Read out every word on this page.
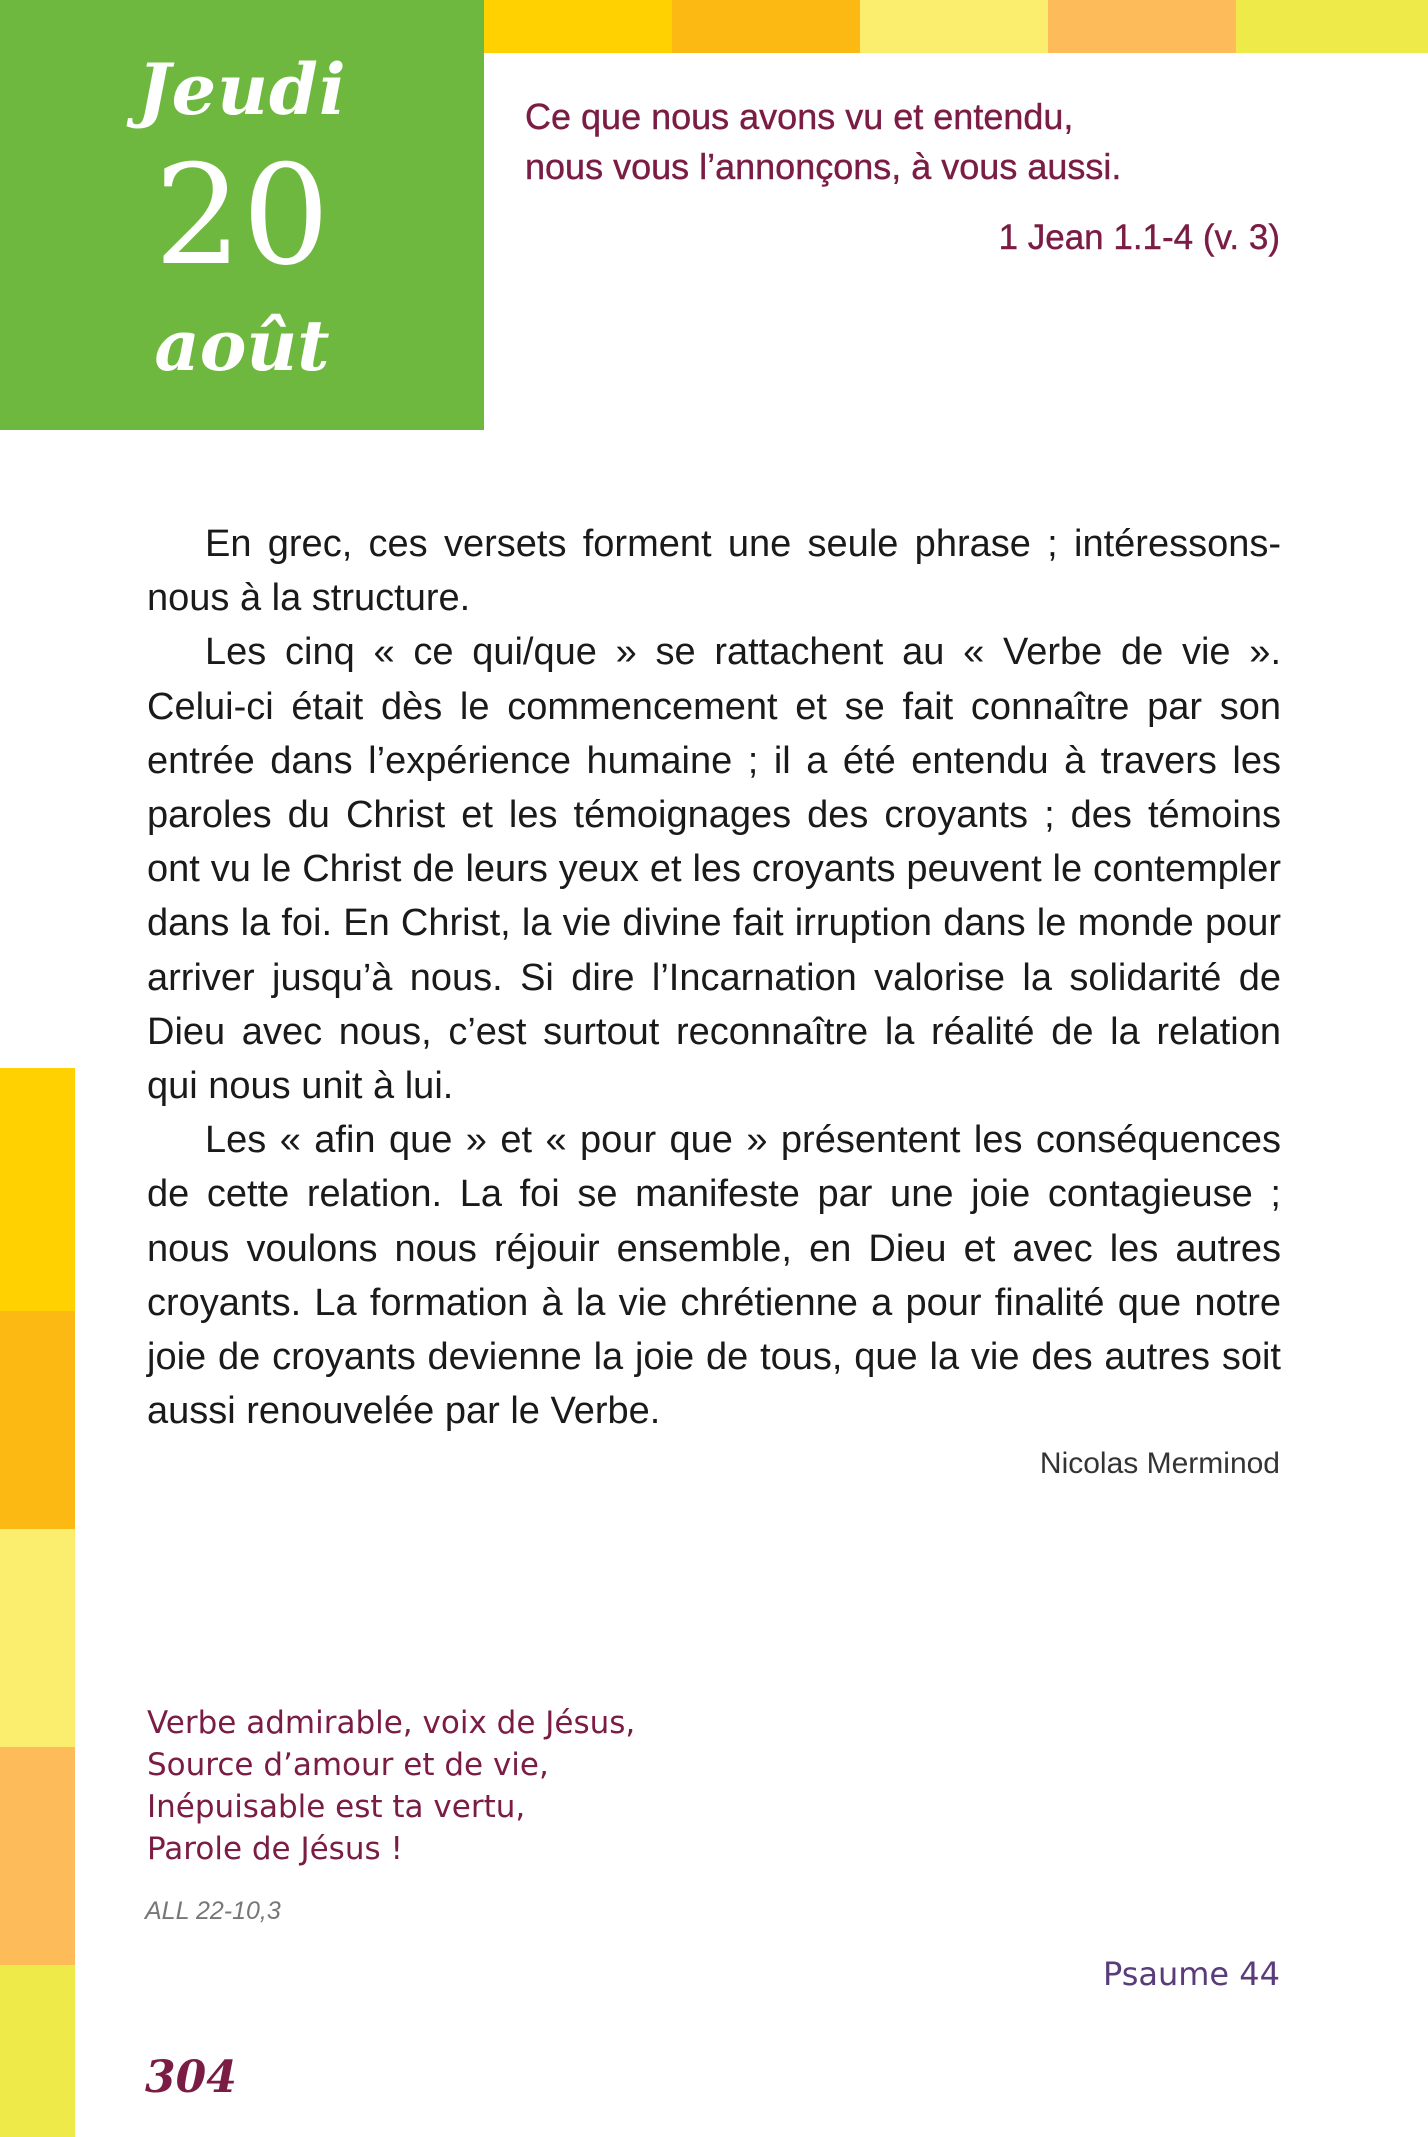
Jeudi
20
août
Ce que nous avons vu et entendu,
nous vous l’annonçons, à vous aussi.
1 Jean 1.1-4 (v. 3)

En grec, ces versets forment une seule phrase ; intéressons-nous à la structure.

Les cinq « ce qui/que » se rattachent au « Verbe de vie ». Celui-ci était dès le commencement et se fait connaître par son entrée dans l’expérience humaine ; il a été entendu à travers les paroles du Christ et les témoignages des croyants ; des témoins ont vu le Christ de leurs yeux et les croyants peuvent le contempler dans la foi. En Christ, la vie divine fait irruption dans le monde pour arriver jusqu’à nous. Si dire l’Incarnation valorise la solidarité de Dieu avec nous, c’est surtout reconnaître la réalité de la relation qui nous unit à lui.

Les « afin que » et « pour que » présentent les conséquences de cette relation. La foi se manifeste par une joie contagieuse ; nous voulons nous réjouir ensemble, en Dieu et avec les autres croyants. La formation à la vie chrétienne a pour finalité que notre joie de croyants devienne la joie de tous, que la vie des autres soit aussi renouvelée par le Verbe.

Nicolas Merminod
Verbe admirable, voix de Jésus,
Source d’amour et de vie,
Inépuisable est ta vertu,
Parole de Jésus !
ALL 22-10,3
Psaume 44
304
